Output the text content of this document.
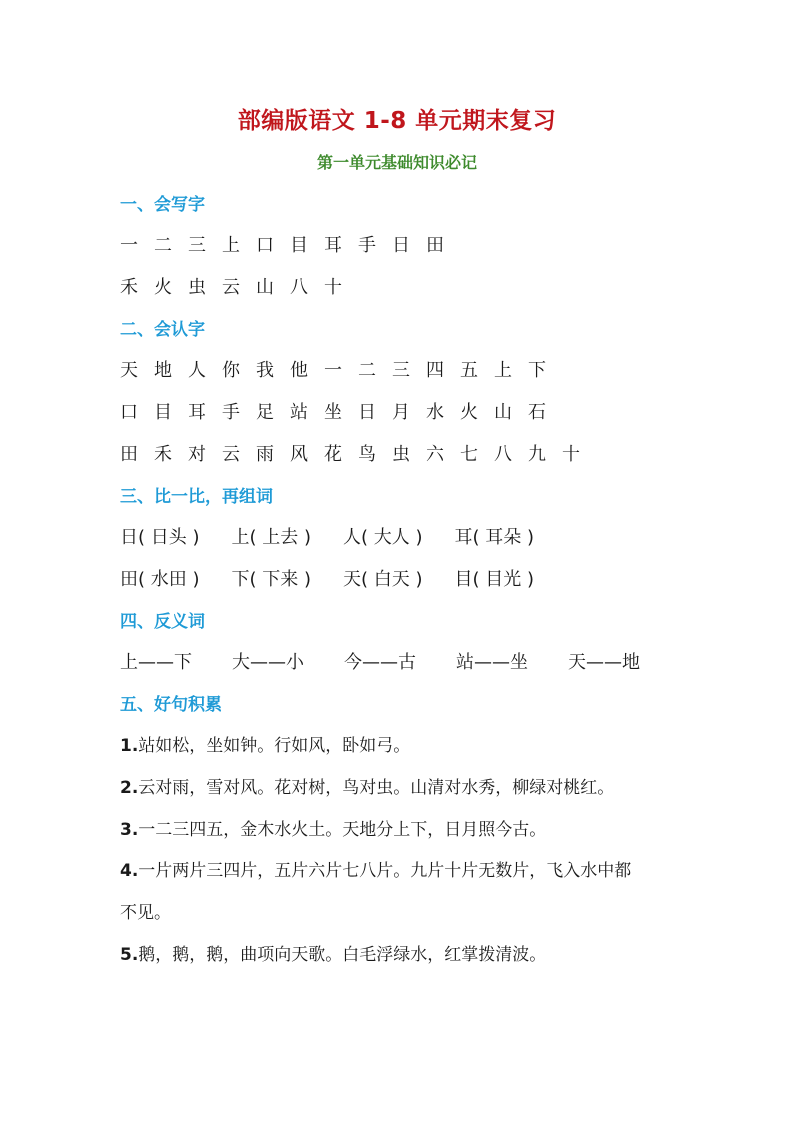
部编版语文 1-8 单元期末复习
第一单元基础知识必记
一、会写字
一 二 三 上 口 目 耳 手 日 田
禾 火 虫 云 山 八 十
二、会认字
天 地 人 你 我 他 一 二 三 四 五 上 下
口 目 耳 手 足 站 坐 日 月 水 火 山 石
田 禾 对 云 雨 风 花 鸟 虫 六 七 八 九 十
三、比一比，再组词
日( 日头 ) 上( 上去 ) 人( 大人 ) 耳( 耳朵 )
田( 水田 ) 下( 下来 ) 天( 白天 ) 目( 目光 )
四、反义词
上——下 大——小 今——古 站——坐 天——地
五、好句积累
1.站如松，坐如钟。行如风，卧如弓。
2.云对雨，雪对风。花对树，鸟对虫。山清对水秀，柳绿对桃红。
3.一二三四五，金木水火土。天地分上下，日月照今古。
4.一片两片三四片，五片六片七八片。九片十片无数片，飞入水中都
不见。
5.鹅，鹅，鹅，曲项向天歌。白毛浮绿水，红掌拨清波。
